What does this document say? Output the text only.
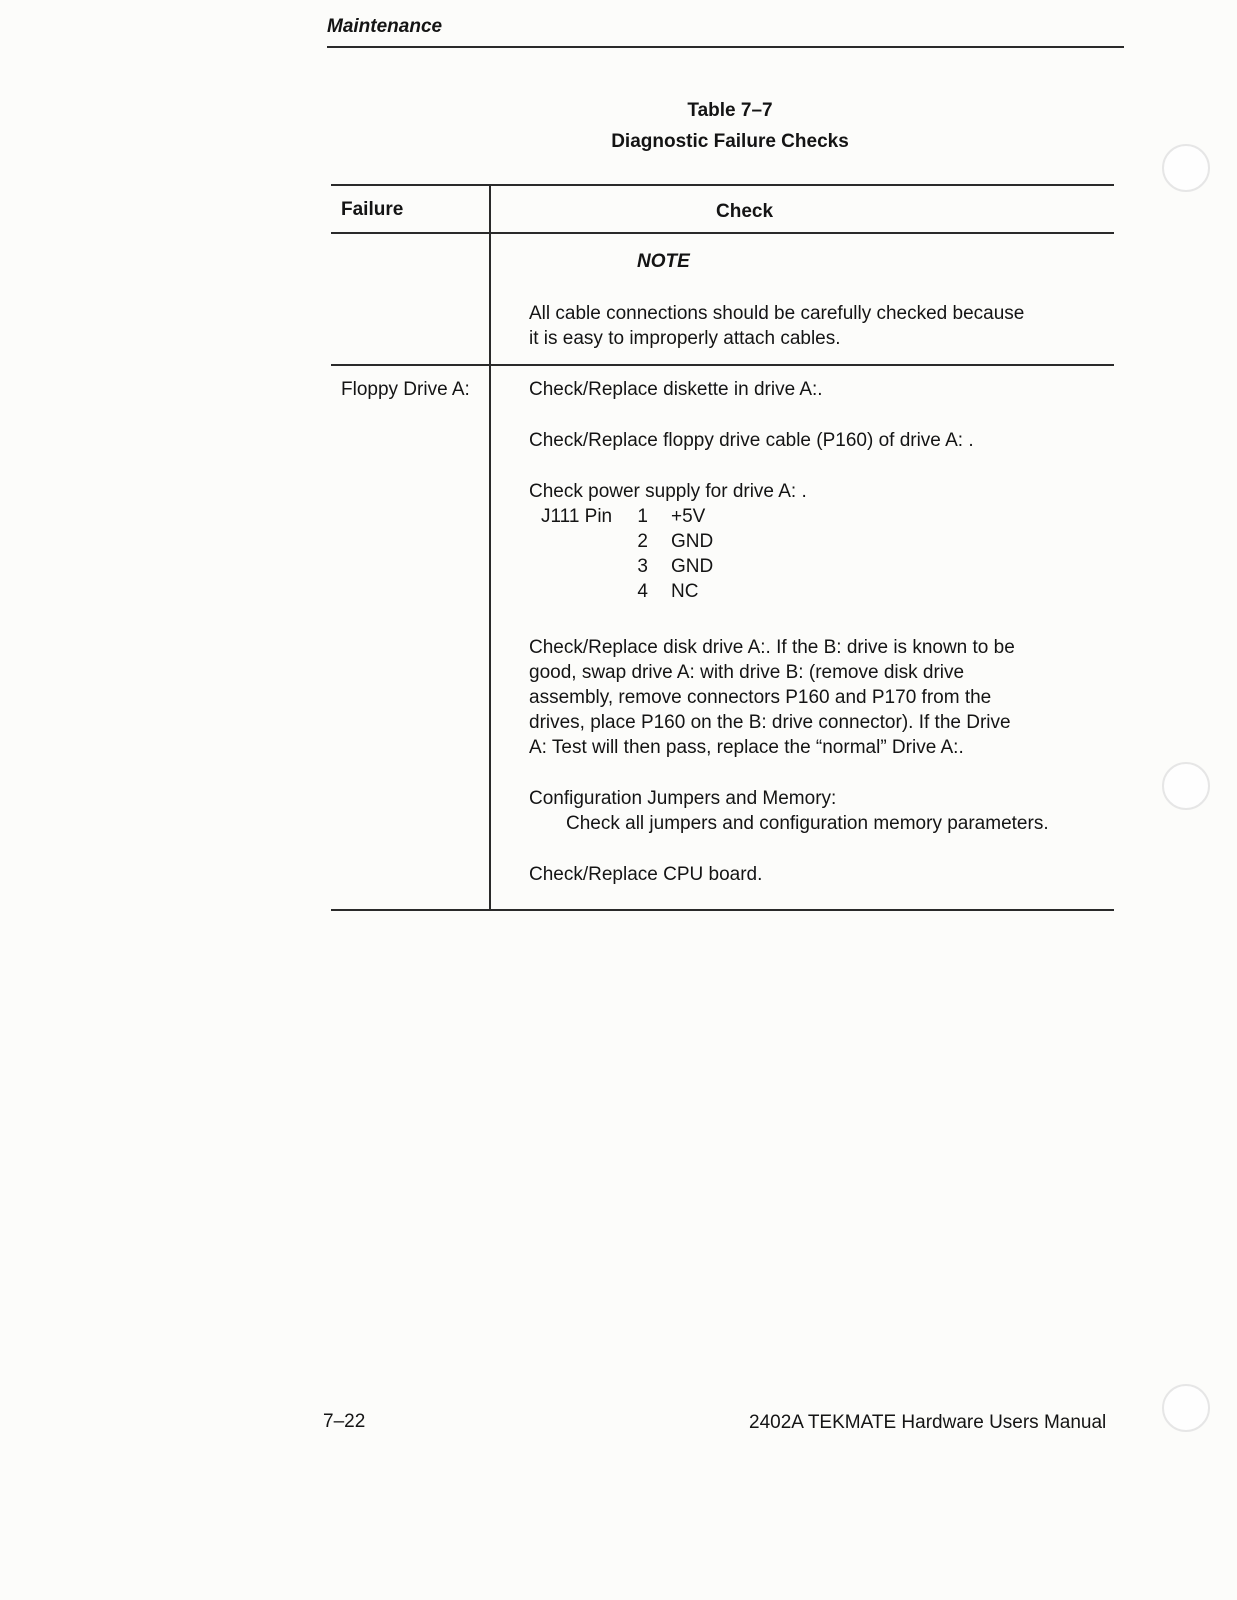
Maintenance
Table 7–7
Diagnostic Failure Checks
Failure	Check
NOTE
All cable connections should be carefully checked because
it is easy to improperly attach cables.
Floppy Drive A:	Check/Replace diskette in drive A:.
Check/Replace floppy drive cable (P160) of drive A: .
Check power supply for drive A: .
J111 Pin	1 +5V
2 GND
3 GND
4 NC
Check/Replace disk drive A:. If the B: drive is known to be
good, swap drive A: with drive B: (remove disk drive
assembly, remove connectors P160 and P170 from the
drives, place P160 on the B: drive connector). If the Drive
A: Test will then pass, replace the “normal” Drive A:.
Configuration Jumpers and Memory:
Check all jumpers and configuration memory parameters.
Check/Replace CPU board.
7–22	2402A TEKMATE Hardware Users Manual
